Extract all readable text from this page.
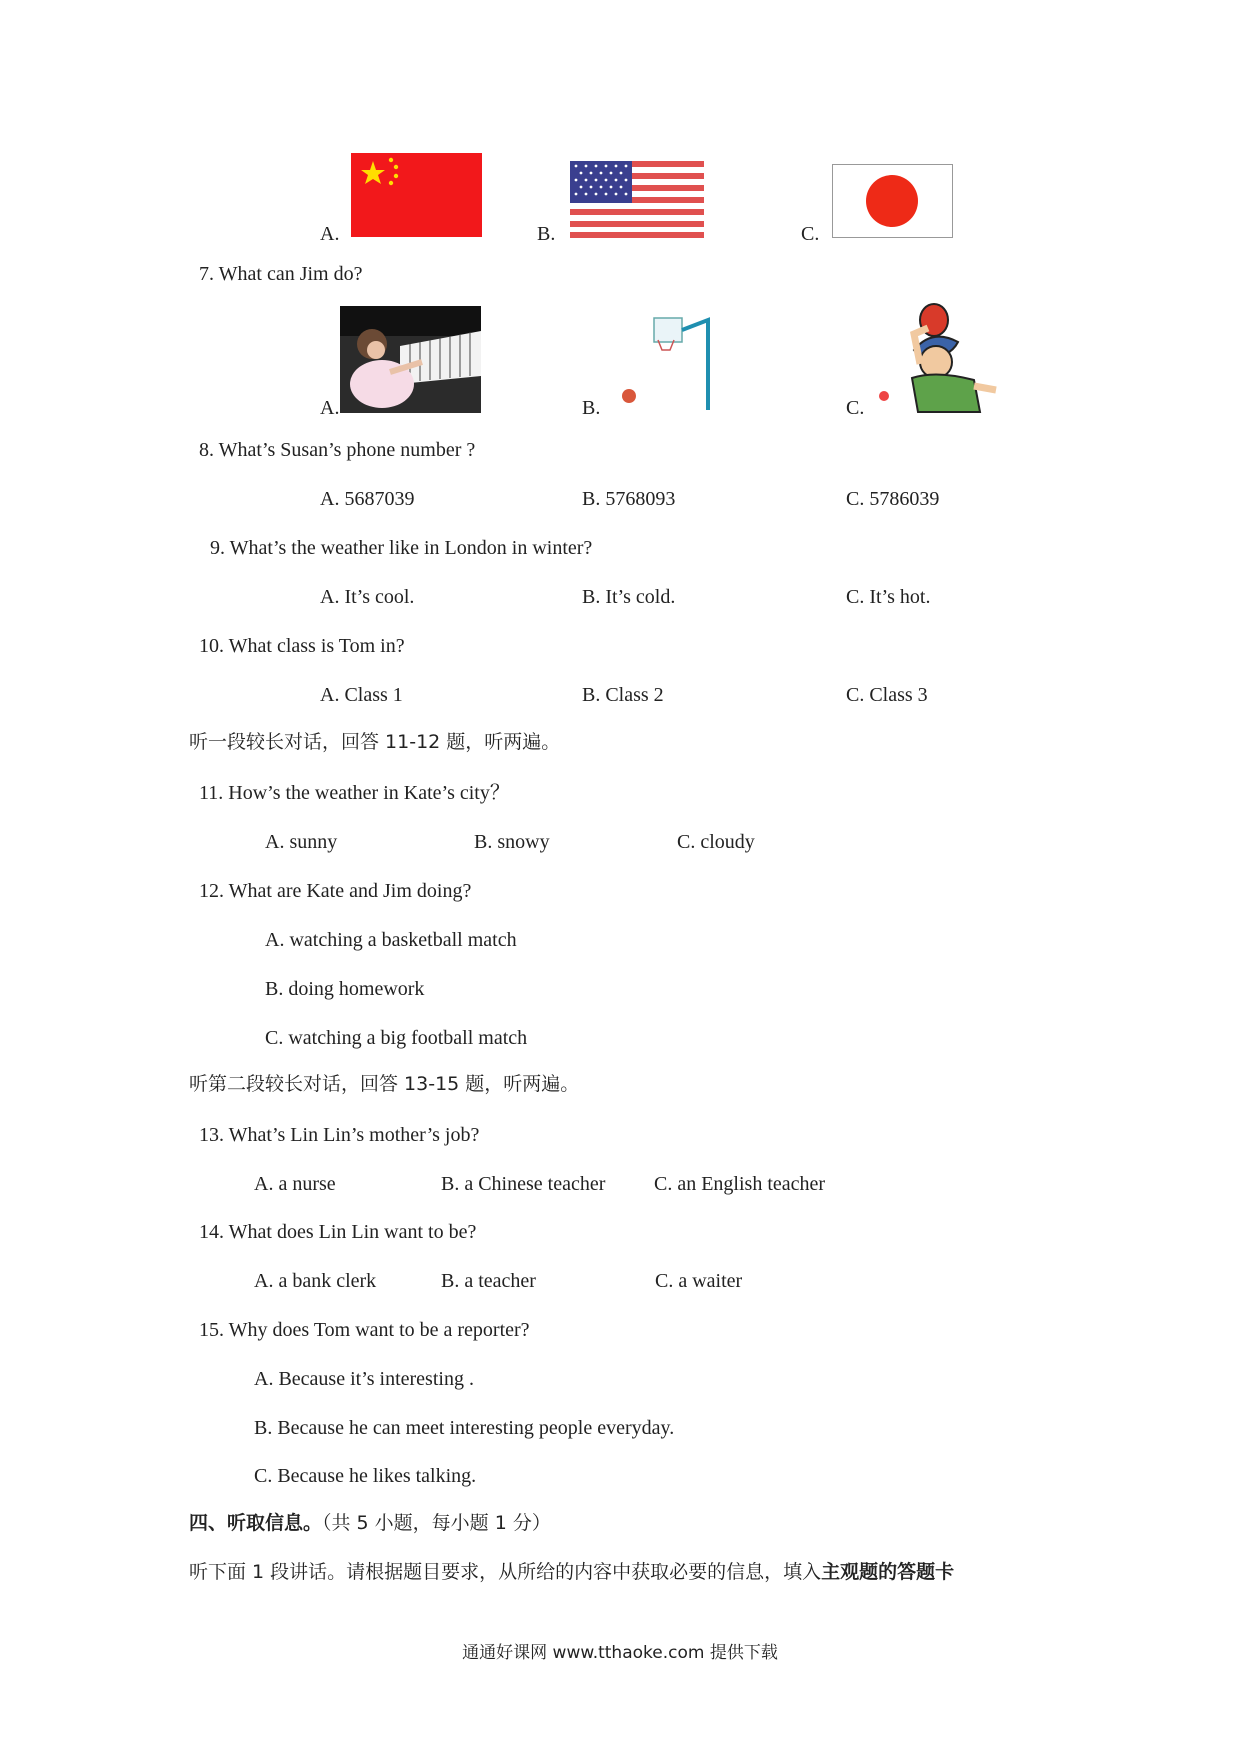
A.	B.	C.
7. What can Jim do?
A.	B.	C.
8. What’s Susan’s phone number ?
A. 5687039	B. 5768093	C. 5786039
9. What’s the weather like in London in winter?
A. It’s cool.	B. It’s cold.	C. It’s hot.
10. What class is Tom in?
A. Class 1	B. Class 2	C. Class 3
听一段较长对话，回答 11-12 题，听两遍。
11. How’s the weather in Kate’s city？
A. sunny	B. snowy	C. cloudy
12. What are Kate and Jim doing?
A. watching a basketball match
B. doing homework
C. watching a big football match
听第二段较长对话，回答 13-15 题，听两遍。
13. What’s Lin Lin’s mother’s job?
A. a nurse	B. a Chinese teacher C. an English teacher
14. What does Lin Lin want to be?
A. a bank clerk	B. a teacher	C. a waiter
15. Why does Tom want to be a reporter?
A. Because it’s interesting .
B. Because he can meet interesting people everyday.
C. Because he likes talking.
四、听取信息。（共 5 小题，每小题 1 分）
听下面 1 段讲话。请根据题目要求，从所给的内容中获取必要的信息，填入主观题的答题卡
通通好课网 www.tthaoke.com 提供下载
